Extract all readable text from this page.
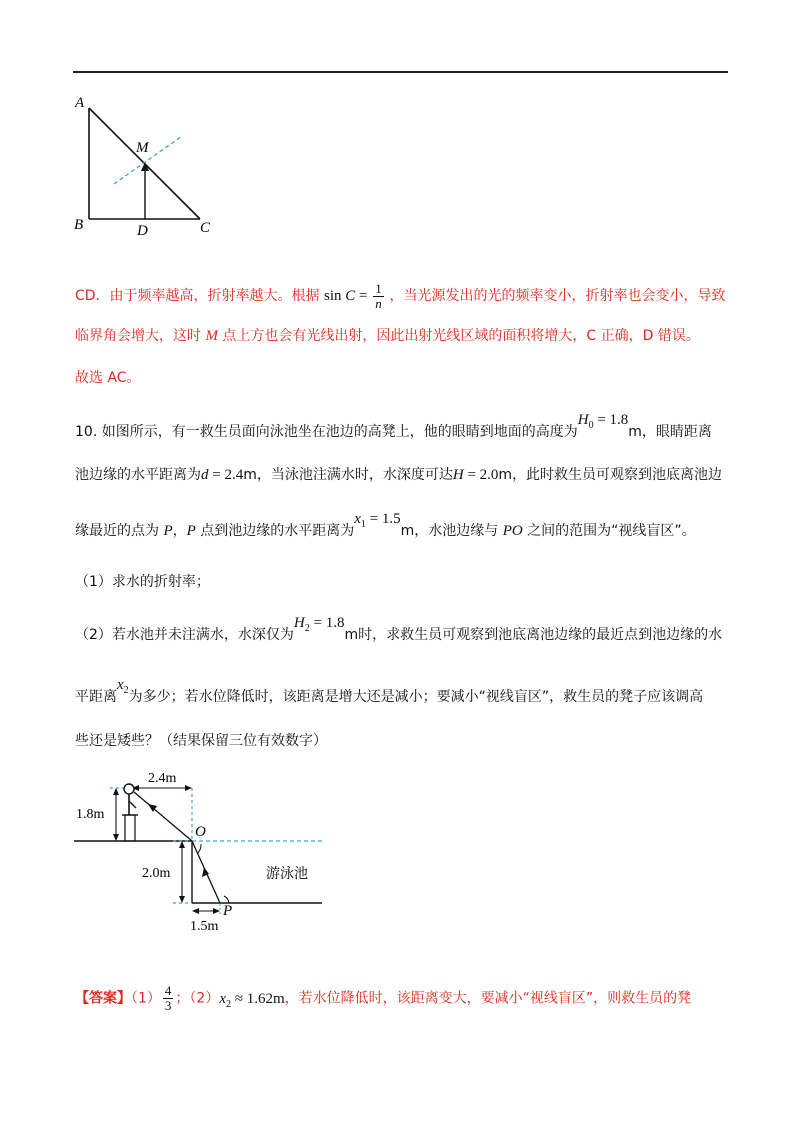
A
B	C
D
M
CD．由于频率越高，折射率越大。根据 $\sin C = \frac{1}{n}$ ，当光源发出的光的频率变小，折射率也会变小，导致
临界角会增大，这时 M 点上方也会有光线出射，因此出射光线区域的面积将增大，C 正确，D 错误。
故选 AC。
10. 如图所示，有一救生员面向泳池坐在池边的高凳上，他的眼睛到地面的高度为$H_0 = 1.8m$，眼睛距离
池边缘的水平距离为d = 2.4m，当泳池注满水时，水深度可达H = 2.0m，此时救生员可观察到池底离池边
缘最近的点为 P，P 点到池边缘的水平距离为$x_1 = 1.5m$，水池边缘与 PO 之间的范围为“视线盲区”。
（1）求水的折射率；
（2）若水池并未注满水，水深仅为$H_2 = 1.8m$时，求救生员可观察到池底离池边缘的最近点到池边缘的水
平距离$x_2$为多少；若水位降低时，该距离是增大还是减小；要减小“视线盲区”，救生员的凳子应该调高
些还是矮些？（结果保留三位有效数字）
2.4m
1.8m
O
P
2.0m
1.5m
游泳池
【答案】$(1) \frac{4}{3}$ ；$(2)x_2 \approx 1.62m$，若水位降低时，该距离变大，要减小“视线盲区”，则救生员的凳
